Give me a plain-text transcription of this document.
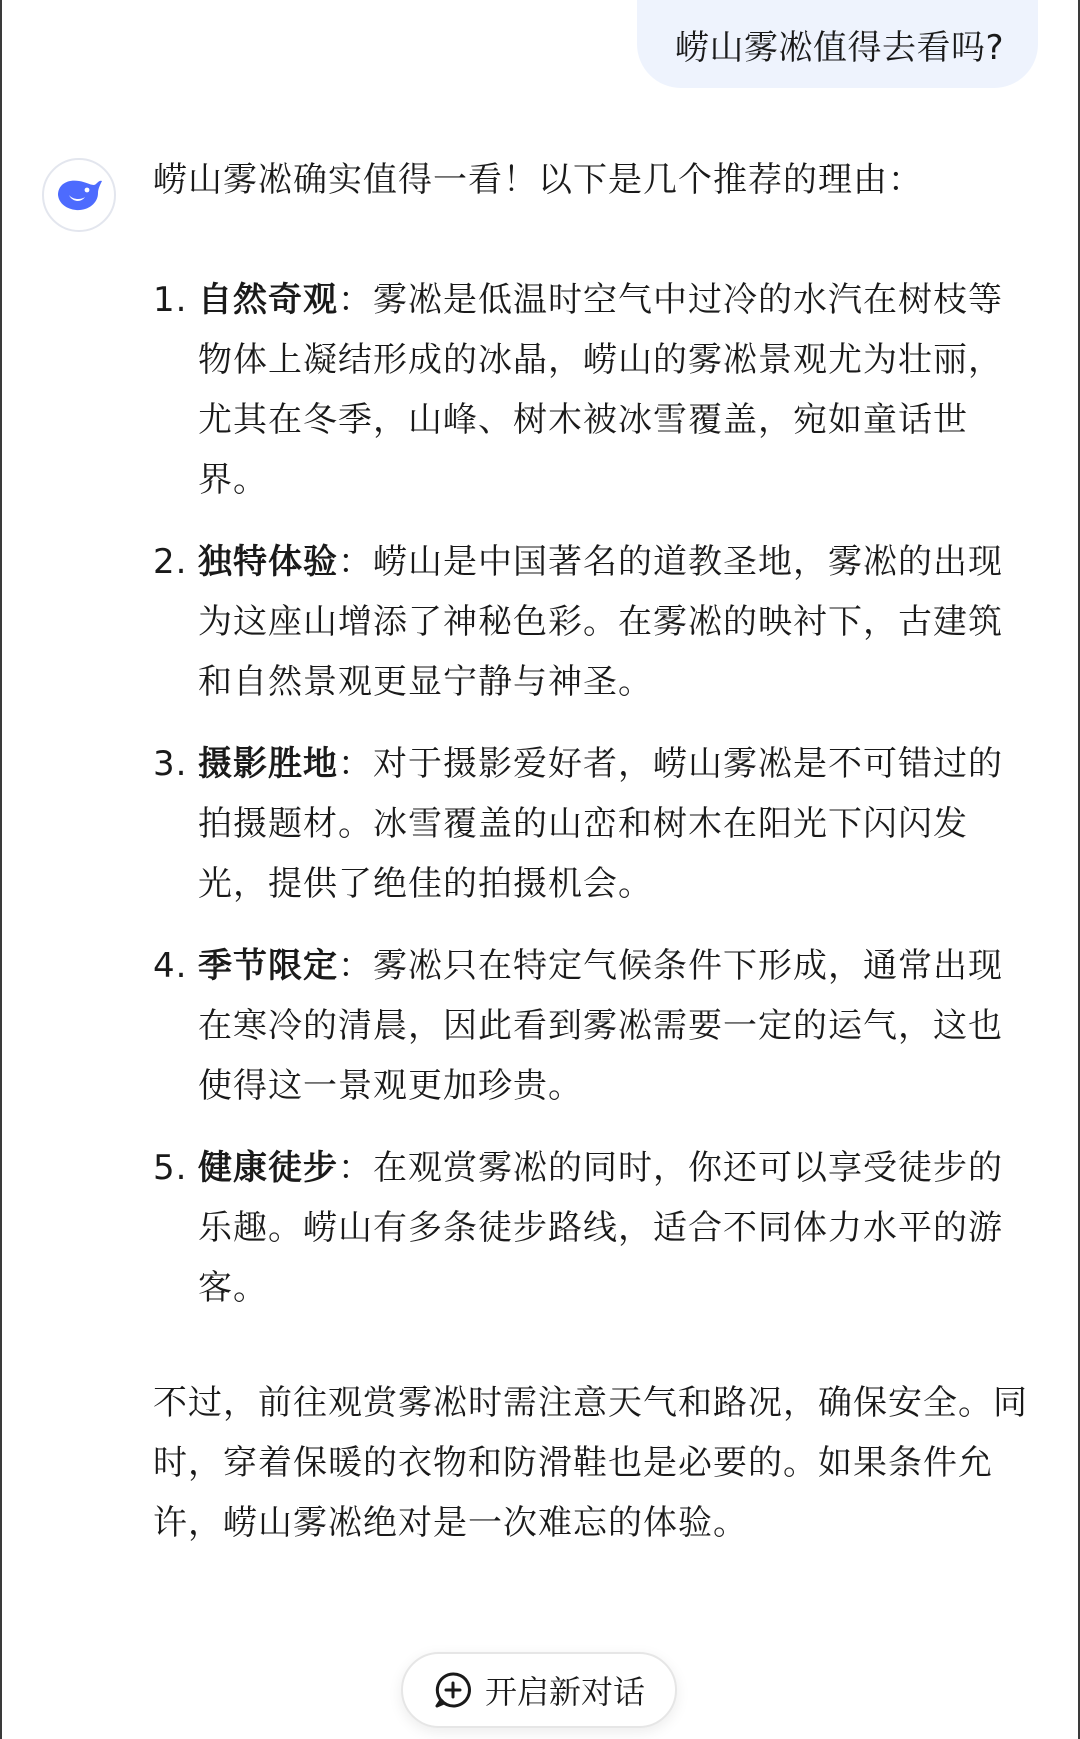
崂山雾凇值得去看吗?

崂山雾凇确实值得一看！以下是几个推荐的理由：

1. 自然奇观：雾凇是低温时空气中过冷的水汽在树枝等物体上凝结形成的冰晶，崂山的雾凇景观尤为壮丽，尤其在冬季，山峰、树木被冰雪覆盖，宛如童话世界。
2. 独特体验：崂山是中国著名的道教圣地，雾凇的出现为这座山增添了神秘色彩。在雾凇的映衬下，古建筑和自然景观更显宁静与神圣。
3. 摄影胜地：对于摄影爱好者，崂山雾凇是不可错过的拍摄题材。冰雪覆盖的山峦和树木在阳光下闪闪发光，提供了绝佳的拍摄机会。
4. 季节限定：雾凇只在特定气候条件下形成，通常出现在寒冷的清晨，因此看到雾凇需要一定的运气，这也使得这一景观更加珍贵。
5. 健康徒步：在观赏雾凇的同时，你还可以享受徒步的乐趣。崂山有多条徒步路线，适合不同体力水平的游客。

不过，前往观赏雾凇时需注意天气和路况，确保安全。同时，穿着保暖的衣物和防滑鞋也是必要的。如果条件允许，崂山雾凇绝对是一次难忘的体验。

开启新对话
